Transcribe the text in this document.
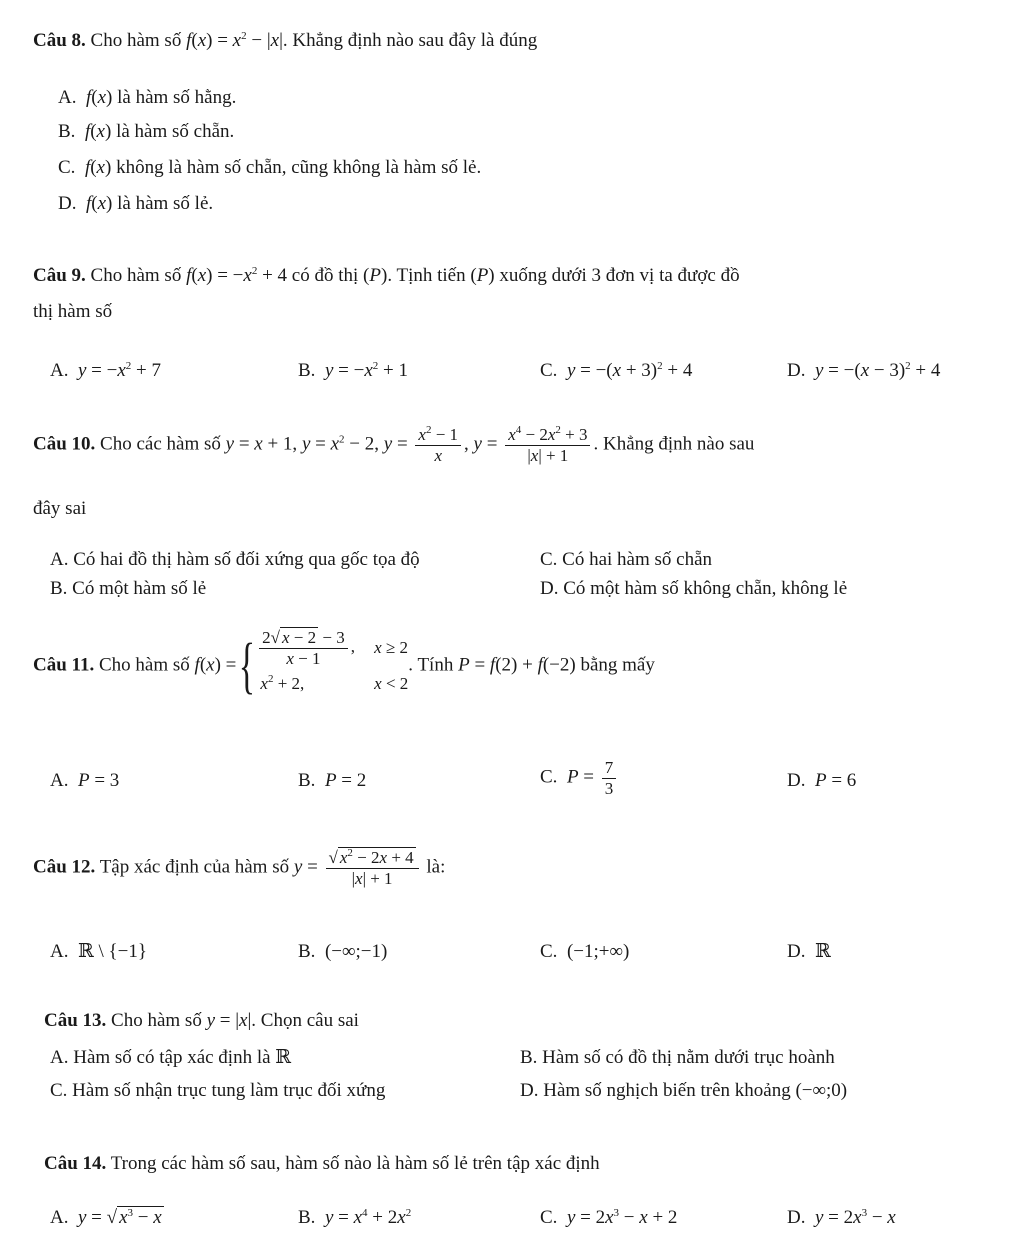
Câu 8. Cho hàm số $f(x) = x^2 - |x|$. Khẳng định nào sau đây là đúng
A. f(x) là hàm số hằng.
B. f(x) là hàm số chẵn.
C. f(x) không là hàm số chẵn, cũng không là hàm số lẻ.
D. f(x) là hàm số lẻ.
Câu 9. Cho hàm số $f(x) = -x^2 + 4$ có đồ thị (P). Tịnh tiến (P) xuống dưới 3 đơn vị ta được đồ
thị hàm số
A. $y = -x^2 + 7$	B. $y = -x^2 + 1$	C. $y = -(x + 3)^2 + 4$	D. $y = -(x - 3)^2 + 4$
Câu 10. Cho các hàm số y = x + 1, $y = x^2 - 2$, $y = \frac{x^2 - 1}{x}$ , $y = \frac{x^4 - 2x^2 + 3}{|x| + 1}$ . Khẳng định nào sau
đây sai
A. Có hai đồ thị hàm số đối xứng qua gốc tọa độ	C. Có hai hàm số chẵn
B. Có một hàm số lẻ	D. Có một hàm số không chẵn, không lẻ
Câu 11. Cho hàm số f(x) ={ $\frac{2√ x - 2 - 3}{x - 1}$ ,	x ≥ 2
$x^2 + 2$,	x < 2
. Tính P = f(2) + f(−2) bằng mấy
A. P = 3	B. P = 2	C. $P = \frac{7}{3}$	D. P = 6
Câu 12. Tập xác định của hàm số $y = \frac{√ x^2 - 2x + 4}{|x| + 1}$ là:
A.  ℝ \ {−1}	B.  (−∞;−1)	C.  (−1;+∞)	D.  ℝ
Câu 13. Cho hàm số y = |x|. Chọn câu sai
A. Hàm số có tập xác định là ℝ	B. Hàm số có đồ thị nằm dưới trục hoành
C. Hàm số nhận trục tung làm trục đối xứng	D. Hàm số nghịch biến trên khoảng (−∞;0)
Câu 14. Trong các hàm số sau, hàm số nào là hàm số lẻ trên tập xác định
A. y = √ $x^3 - x$	B. $y = x^4 + 2x^2$	C. $y = 2x^3 - x + 2$	D. $y = 2x^3 - x$
